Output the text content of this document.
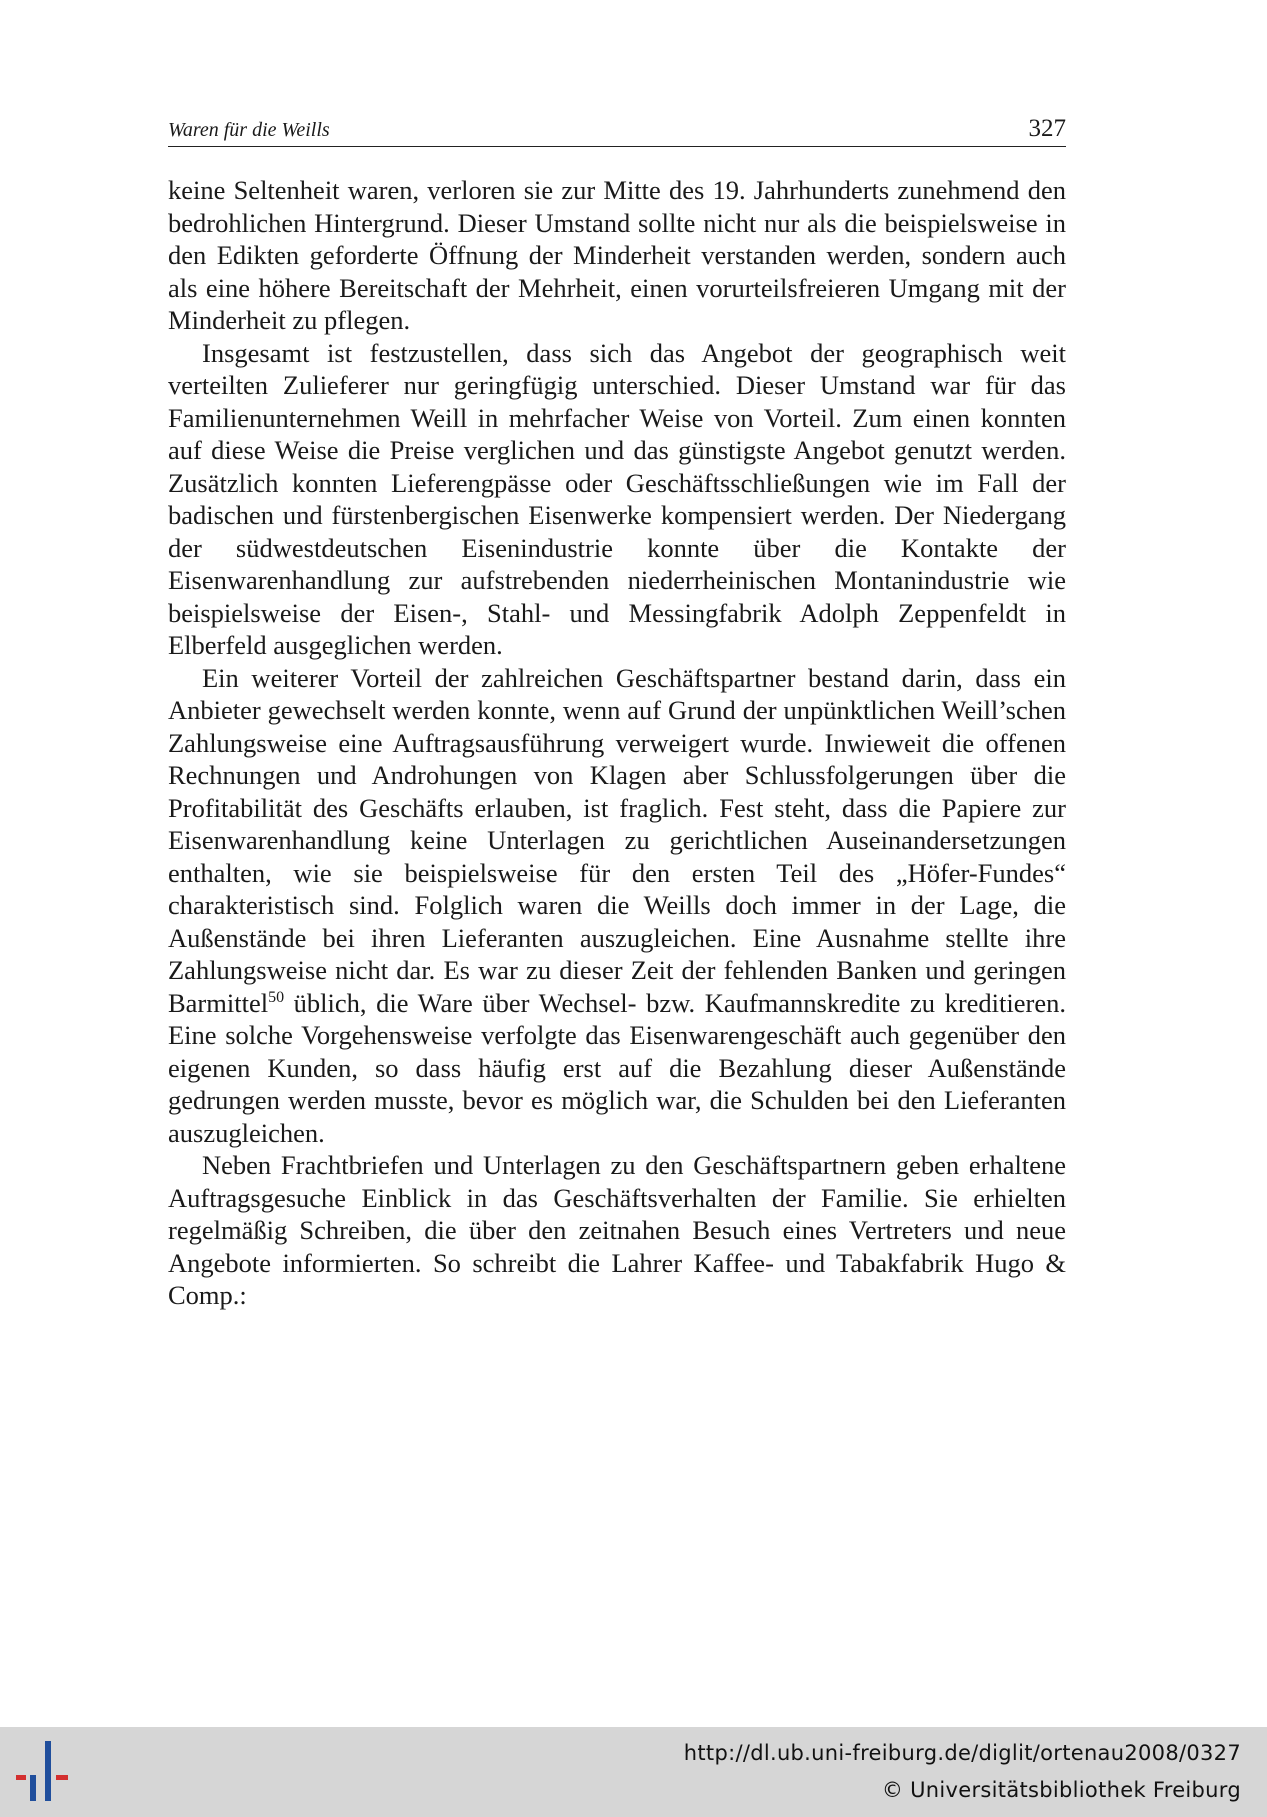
Waren für die Weills	327

keine Seltenheit waren, verloren sie zur Mitte des 19. Jahrhunderts zunehmend den bedrohlichen Hintergrund. Dieser Umstand sollte nicht nur als die beispielsweise in den Edikten geforderte Öffnung der Minderheit verstanden werden, sondern auch als eine höhere Bereitschaft der Mehrheit, einen vorurteilsfreieren Umgang mit der Minderheit zu pflegen.

Insgesamt ist festzustellen, dass sich das Angebot der geographisch weit verteilten Zulieferer nur geringfügig unterschied. Dieser Umstand war für das Familienunternehmen Weill in mehrfacher Weise von Vorteil. Zum einen konnten auf diese Weise die Preise verglichen und das günstigste Angebot genutzt werden. Zusätzlich konnten Lieferengpässe oder Geschäftsschließungen wie im Fall der badischen und fürstenbergischen Eisenwerke kompensiert werden. Der Niedergang der südwestdeutschen Eisenindustrie konnte über die Kontakte der Eisenwarenhandlung zur aufstrebenden niederrheinischen Montanindustrie wie beispielsweise der Eisen-, Stahl- und Messingfabrik Adolph Zeppenfeldt in Elberfeld ausgeglichen werden.

Ein weiterer Vorteil der zahlreichen Geschäftspartner bestand darin, dass ein Anbieter gewechselt werden konnte, wenn auf Grund der unpünktlichen Weill’schen Zahlungsweise eine Auftragsausführung verweigert wurde. Inwieweit die offenen Rechnungen und Androhungen von Klagen aber Schlussfolgerungen über die Profitabilität des Geschäfts erlauben, ist fraglich. Fest steht, dass die Papiere zur Eisenwarenhandlung keine Unterlagen zu gerichtlichen Auseinandersetzungen enthalten, wie sie beispielsweise für den ersten Teil des „Höfer-Fundes“ charakteristisch sind. Folglich waren die Weills doch immer in der Lage, die Außenstände bei ihren Lieferanten auszugleichen. Eine Ausnahme stellte ihre Zahlungsweise nicht dar. Es war zu dieser Zeit der fehlenden Banken und geringen Barmittel$^{50}$ üblich, die Ware über Wechsel- bzw. Kaufmannskredite zu kreditieren. Eine solche Vorgehensweise verfolgte das Eisenwarengeschäft auch gegenüber den eigenen Kunden, so dass häufig erst auf die Bezahlung dieser Außenstände gedrungen werden musste, bevor es möglich war, die Schulden bei den Lieferanten auszugleichen.

Neben Frachtbriefen und Unterlagen zu den Geschäftspartnern geben erhaltene Auftragsgesuche Einblick in das Geschäftsverhalten der Familie. Sie erhielten regelmäßig Schreiben, die über den zeitnahen Besuch eines Vertreters und neue Angebote informierten. So schreibt die Lahrer Kaffee- und Tabakfabrik Hugo & Comp.:

http://dl.ub.uni-freiburg.de/diglit/ortenau2008/0327
© Universitätsbibliothek Freiburg
